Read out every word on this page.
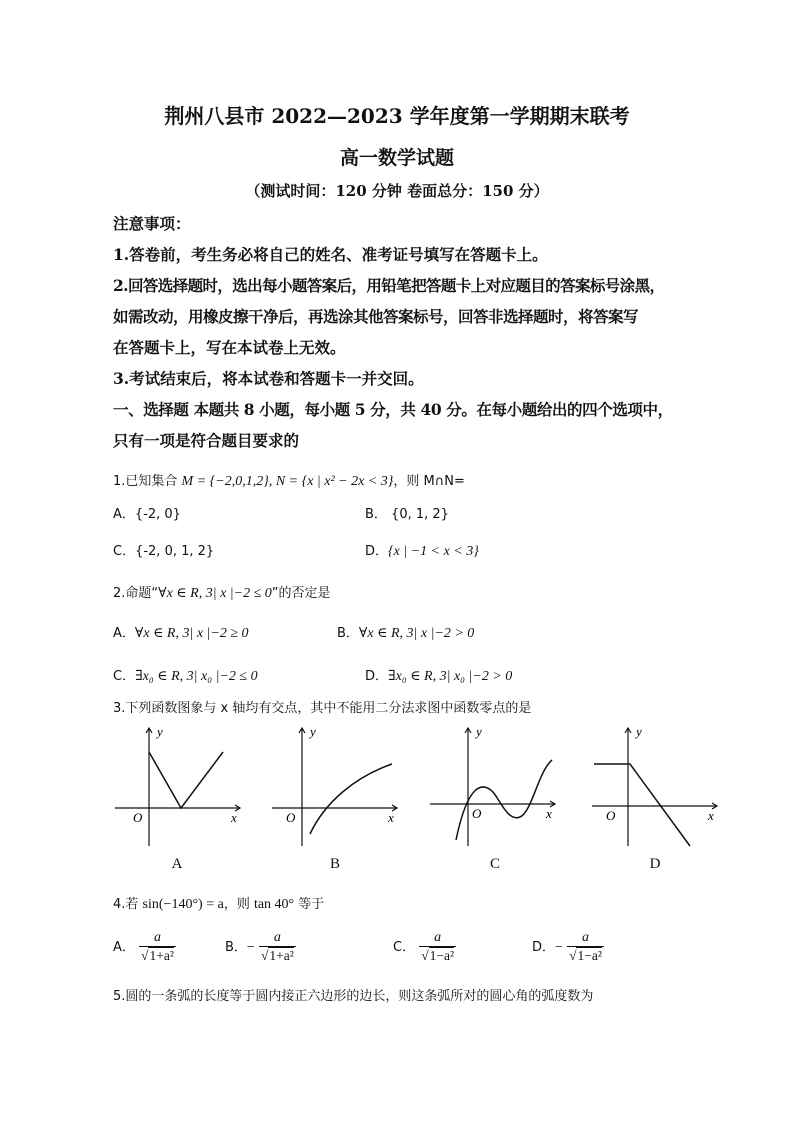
荆州八县市 2022—2023 学年度第一学期期末联考
高一数学试题
（测试时间：120 分钟 卷面总分：150 分）
注意事项：
1.答卷前，考生务必将自己的姓名、准考证号填写在答题卡上。
2.回答选择题时，选出每小题答案后，用铅笔把答题卡上对应题目的答案标号涂黑，
如需改动，用橡皮擦干净后，再选涂其他答案标号，回答非选择题时，将答案写
在答题卡上，写在本试卷上无效。
3.考试结束后，将本试卷和答题卡一并交回。
一、选择题 本题共 8 小题，每小题 5 分，共 40 分。在每小题给出的四个选项中，
只有一项是符合题目要求的
1.已知集合 M = {−2,0,1,2}, N = {x | x² − 2x < 3}，则 M∩N=
A．{-2, 0}	B． {0, 1, 2}
C．{-2, 0, 1, 2}	D．{x | −1 < x < 3}
2.命题“∀x ∈ R, 3| x |−2 ≤ 0”的否定是
A．∀x ∈ R, 3| x |−2 ≥ 0	B．∀x ∈ R, 3| x |−2 > 0
C．∃x₀ ∈ R, 3| x₀ |−2 ≤ 0	D．∃x₀ ∈ R, 3| x₀ |−2 > 0
3.下列函数图象与 x 轴均有交点，其中不能用二分法求图中函数零点的是
y
x
O
A
y
x
O
B
y
x
O
C
y
x
O
D
4.若 sin(−140°) = a，则 tan 40° 等于
A． $\frac{a}{\text{√1+a²}}$	B．− $\frac{a}{\text{√1+a²}}$	C． $\frac{a}{\text{√1−a²}}$	D．− $\frac{a}{\text{√1−a²}}$
5.圆的一条弧的长度等于圆内接正六边形的边长，则这条弧所对的圆心角的弧度数为
